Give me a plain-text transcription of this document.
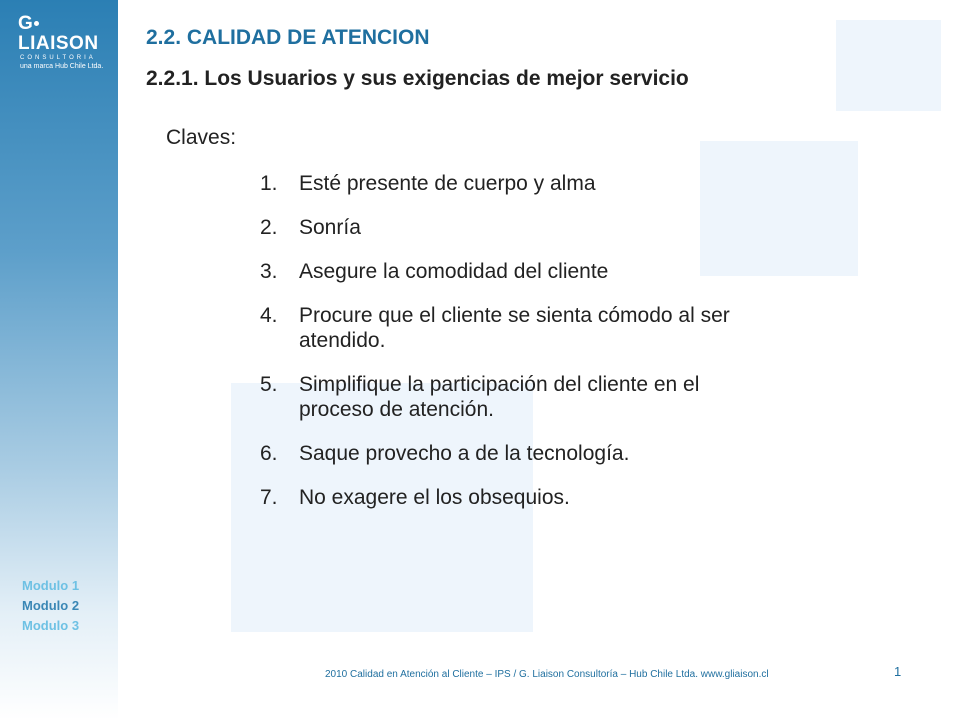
GLIAISON
CONSULTORIA
una marca Hub Chile Ltda.
Modulo 1
Modulo 2
Modulo 3
2.2. CALIDAD DE ATENCION
2.2.1. Los Usuarios y sus exigencias de mejor servicio
Claves:
1. Esté presente de cuerpo y alma
2. Sonría
3. Asegure la comodidad del cliente
4. Procure que el cliente se sienta cómodo al ser atendido.
5. Simplifique la participación del cliente en el proceso de atención.
6. Saque provecho a de la tecnología.
7. No exagere el los obsequios.
2010 Calidad en Atención al Cliente – IPS / G. Liaison Consultoría – Hub Chile Ltda. www.gliaison.cl	1
